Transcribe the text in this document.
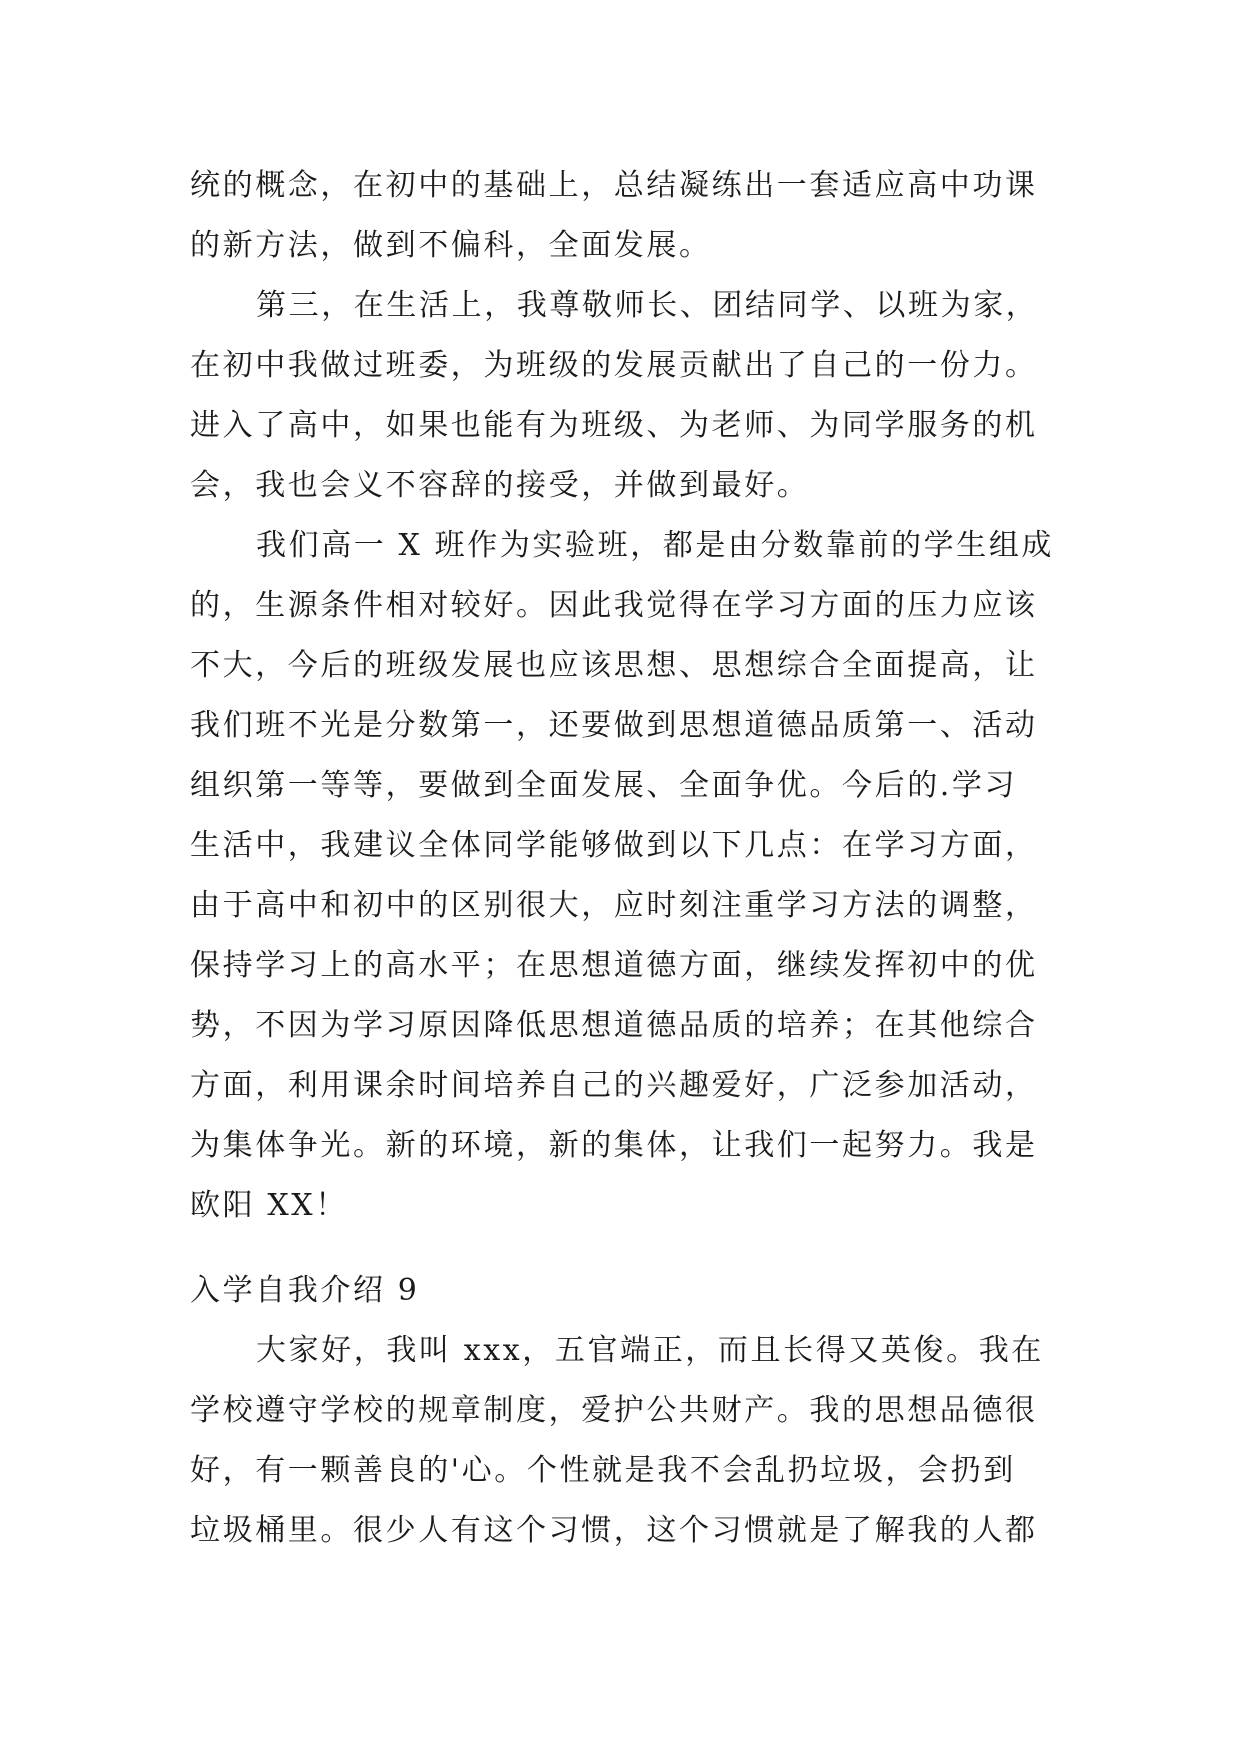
统的概念，在初中的基础上，总结凝练出一套适应高中功课
的新方法，做到不偏科，全面发展。
第三，在生活上，我尊敬师长、团结同学、以班为家，
在初中我做过班委，为班级的发展贡献出了自己的一份力。
进入了高中，如果也能有为班级、为老师、为同学服务的机
会，我也会义不容辞的接受，并做到最好。
我们高一 X 班作为实验班，都是由分数靠前的学生组成
的，生源条件相对较好。因此我觉得在学习方面的压力应该
不大，今后的班级发展也应该思想、思想综合全面提高，让
我们班不光是分数第一，还要做到思想道德品质第一、活动
组织第一等等，要做到全面发展、全面争优。今后的.学习
生活中，我建议全体同学能够做到以下几点：在学习方面，
由于高中和初中的区别很大，应时刻注重学习方法的调整，
保持学习上的高水平；在思想道德方面，继续发挥初中的优
势，不因为学习原因降低思想道德品质的培养；在其他综合
方面，利用课余时间培养自己的兴趣爱好，广泛参加活动，
为集体争光。新的环境，新的集体，让我们一起努力。我是
欧阳 XX！
入学自我介绍 9
大家好，我叫 xxx，五官端正，而且长得又英俊。我在
学校遵守学校的规章制度，爱护公共财产。我的思想品德很
好，有一颗善良的'心。个性就是我不会乱扔垃圾，会扔到
垃圾桶里。很少人有这个习惯，这个习惯就是了解我的人都
